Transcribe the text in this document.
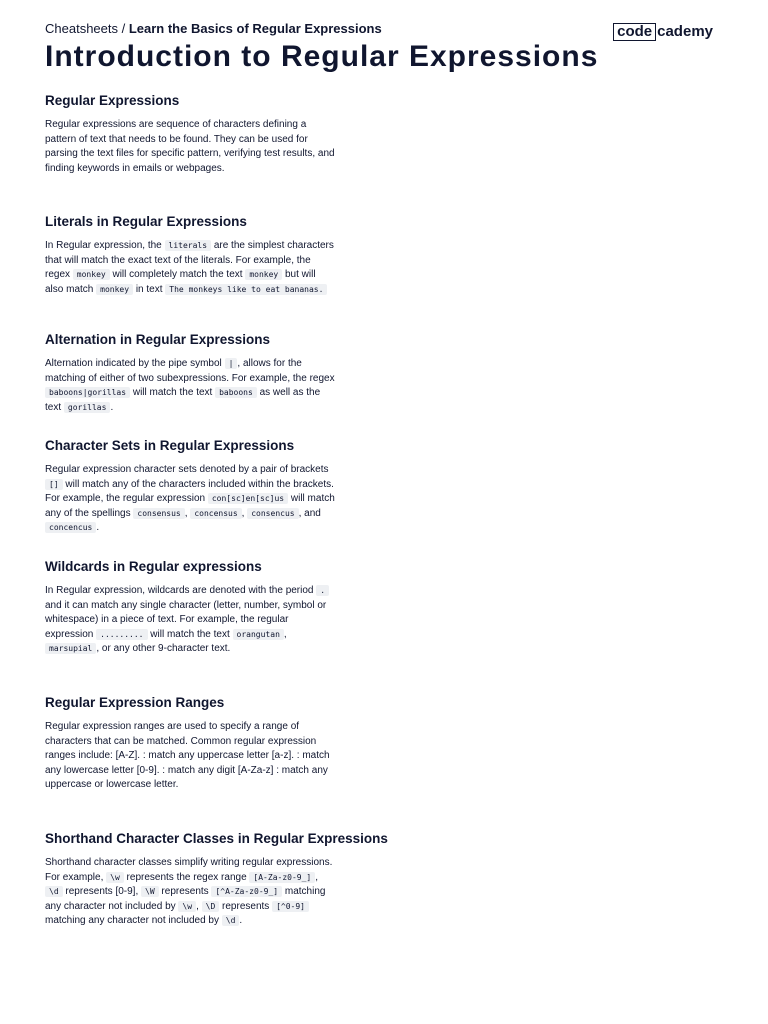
Cheatsheets / Learn the Basics of Regular Expressions	code cademy
Introduction to Regular Expressions
Regular Expressions

Regular expressions are sequence of characters defining a pattern of text that needs to be found. They can be used for parsing the text files for specific pattern, verifying test results, and finding keywords in emails or webpages.

Literals in Regular Expressions

In Regular expression, the literals are the simplest characters that will match the exact text of the literals. For example, the regex monkey will completely match the text monkey but will also match monkey in text The monkeys like to eat bananas.

Alternation in Regular Expressions

Alternation indicated by the pipe symbol | , allows for the matching of either of two subexpressions. For example, the regex baboons|gorillas will match the text baboons as well as the text gorillas .

Character Sets in Regular Expressions

Regular expression character sets denoted by a pair of brackets [] will match any of the characters included within the brackets. For example, the regular expression con[sc]en[sc]us will match any of the spellings consensus , concensus , consencus , and concencus .

Wildcards in Regular expressions

In Regular expression, wildcards are denoted with the period . and it can match any single character (letter, number, symbol or whitespace) in a piece of text. For example, the regular expression ......... will match the text orangutan , marsupial , or any other 9-character text.

Regular Expression Ranges

Regular expression ranges are used to specify a range of characters that can be matched. Common regular expression ranges include: [A-Z]. : match any uppercase letter [a-z]. : match any lowercase letter [0-9]. : match any digit [A-Za-z] : match any uppercase or lowercase letter.

Shorthand Character Classes in Regular Expressions

Shorthand character classes simplify writing regular expressions. For example, \w represents the regex range [A-Za-z0-9_] , \d represents [0-9], \W represents [^A-Za-z0-9_] matching any character not included by \w , \D represents [^0-9] matching any character not included by \d .
